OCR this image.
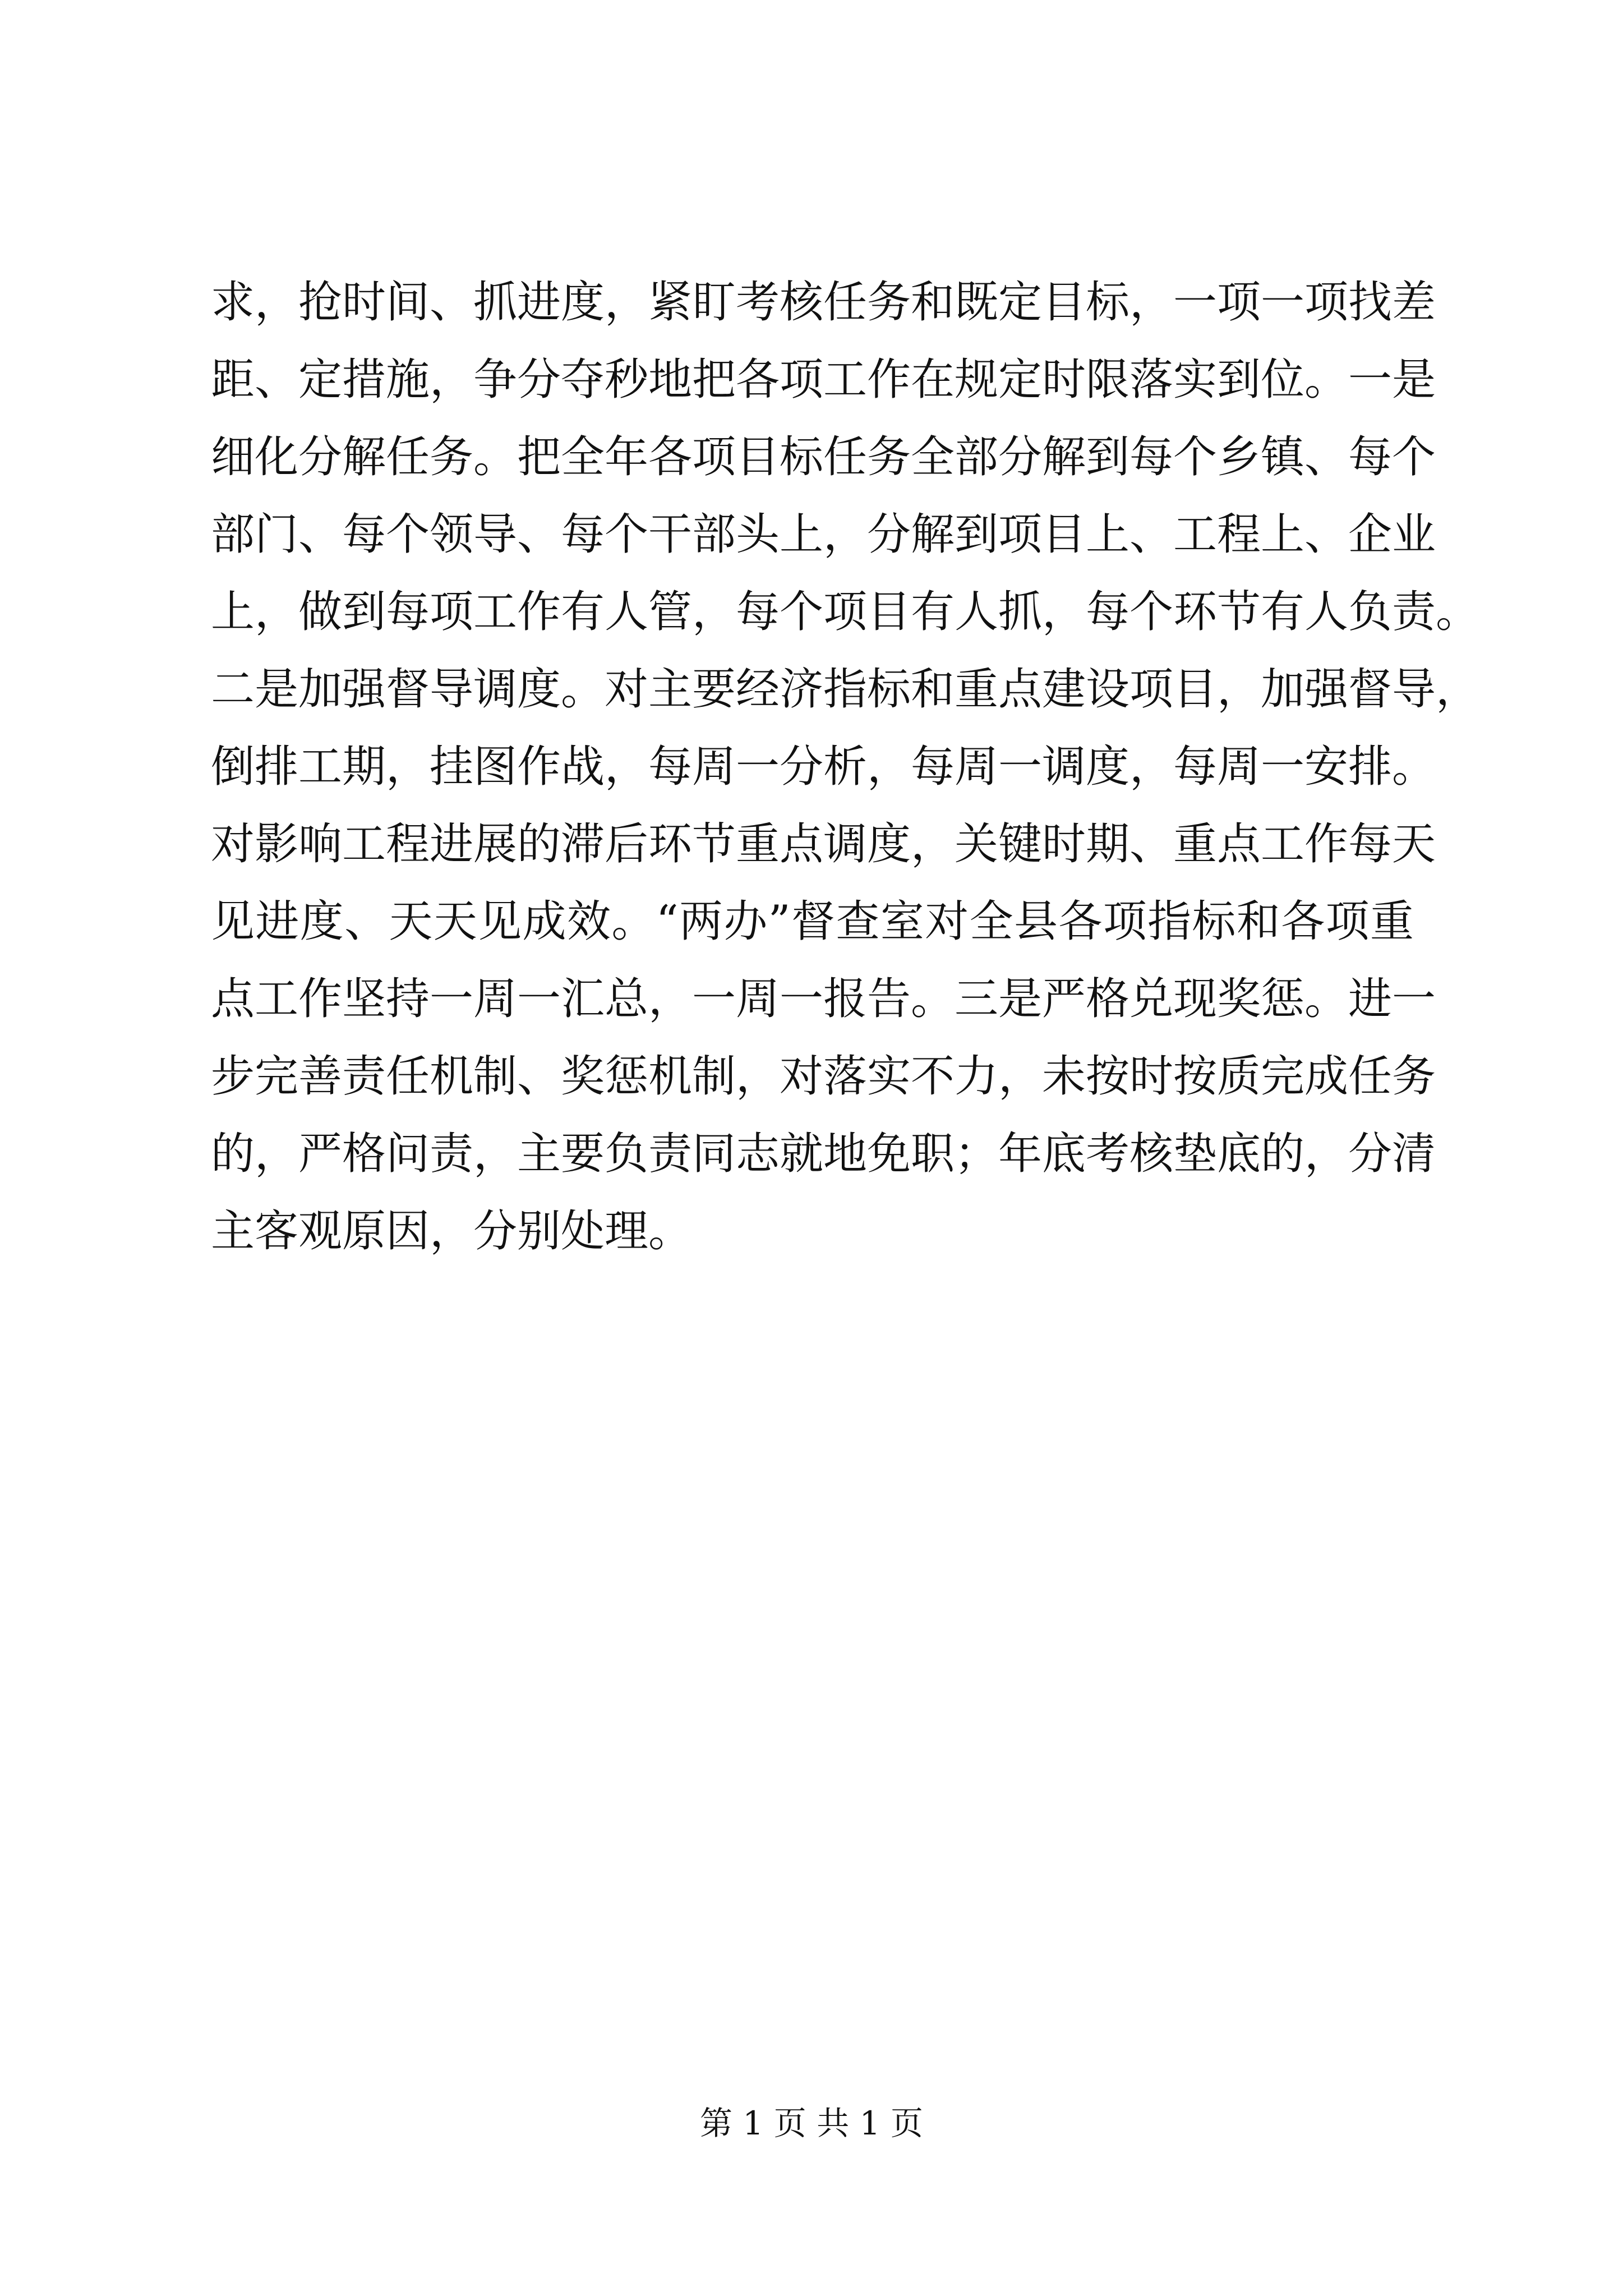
求，抢时间、抓进度，紧盯考核任务和既定目标，一项一项找差
距、定措施，争分夺秒地把各项工作在规定时限落实到位。一是
细化分解任务。把全年各项目标任务全部分解到每个乡镇、每个
部门、每个领导、每个干部头上，分解到项目上、工程上、企业
上，做到每项工作有人管，每个项目有人抓，每个环节有人负责。
二是加强督导调度。对主要经济指标和重点建设项目，加强督导，
倒排工期，挂图作战，每周一分析，每周一调度，每周一安排。
对影响工程进展的滞后环节重点调度，关键时期、重点工作每天
见进度、天天见成效。“两办”督查室对全县各项指标和各项重
点工作坚持一周一汇总，一周一报告。三是严格兑现奖惩。进一
步完善责任机制、奖惩机制，对落实不力，未按时按质完成任务
的，严格问责，主要负责同志就地免职；年底考核垫底的，分清
主客观原因，分别处理。
第 1 页 共 1 页
